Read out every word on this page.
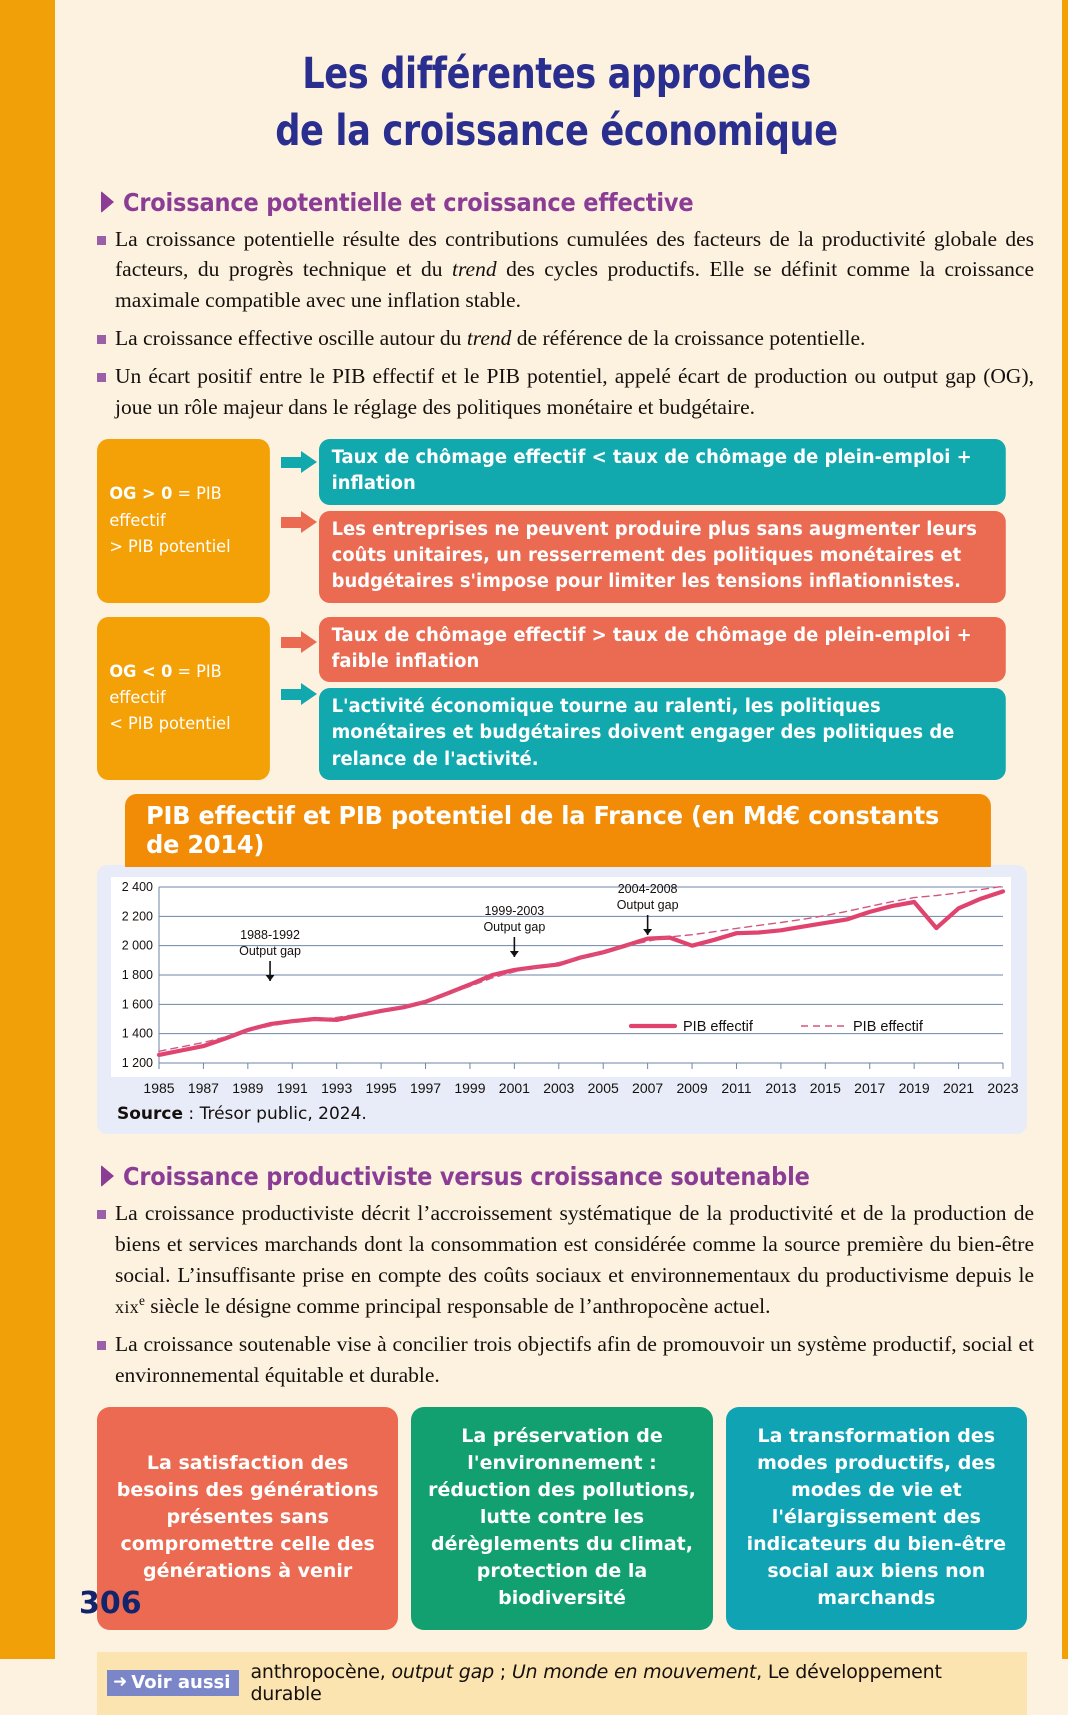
Les différentes approches
de la croissance économique
Croissance potentielle et croissance effective
La croissance potentielle résulte des contributions cumulées des facteurs de la productivité globale des facteurs, du progrès technique et du trend des cycles productifs. Elle se définit comme la croissance maximale compatible avec une inflation stable.
La croissance effective oscille autour du trend de référence de la croissance potentielle.
Un écart positif entre le PIB effectif et le PIB potentiel, appelé écart de production ou output gap (OG), joue un rôle majeur dans le réglage des politiques monétaire et budgétaire.
OG > 0 = PIB effectif
> PIB potentiel
Taux de chômage effectif < taux de chômage de plein-emploi + inflation
Les entreprises ne peuvent produire plus sans augmenter leurs coûts unitaires, un resserrement des politiques monétaires et budgétaires s'impose pour limiter les tensions inflationnistes.
OG < 0 = PIB effectif
< PIB potentiel
Taux de chômage effectif > taux de chômage de plein-emploi + faible inflation
L'activité économique tourne au ralenti, les politiques monétaires et budgétaires doivent engager des politiques de relance de l'activité.
PIB effectif et PIB potentiel de la France (en Md€ constants de 2014)
1 200
1 400
1 600
1 800
2 000
2 200
2 400
1988-1992
Output gap
1999-2003
Output gap
2004-2008
Output gap
PIB effectif	PIB effectif
1985 1987 1989 1991 1993 1995 1997 1999 2001 2003 2005 2007 2009 2011 2013 2015 2017 2019 2021 2023
Source : Trésor public, 2024.
Croissance productiviste versus croissance soutenable
La croissance productiviste décrit l’accroissement systématique de la productivité et de la production de biens et services marchands dont la consommation est considérée comme la source première du bien-être social. L’insuffisante prise en compte des coûts sociaux et environnementaux du productivisme depuis le xix$^e$ siècle le désigne comme principal responsable de l’anthropocène actuel.
La croissance soutenable vise à concilier trois objectifs afin de promouvoir un système productif, social et environnemental équitable et durable.
La satisfaction des besoins des générations présentes sans compromettre celle des générations à venir
La préservation de l'environnement : réduction des pollutions, lutte contre les dérèglements du climat, protection de la biodiversité
La transformation des modes productifs, des modes de vie et l'élargissement des indicateurs du bien-être social aux biens non marchands
➜ Voir aussi anthropocène, output gap ; Un monde en mouvement, Le développement durable
306
